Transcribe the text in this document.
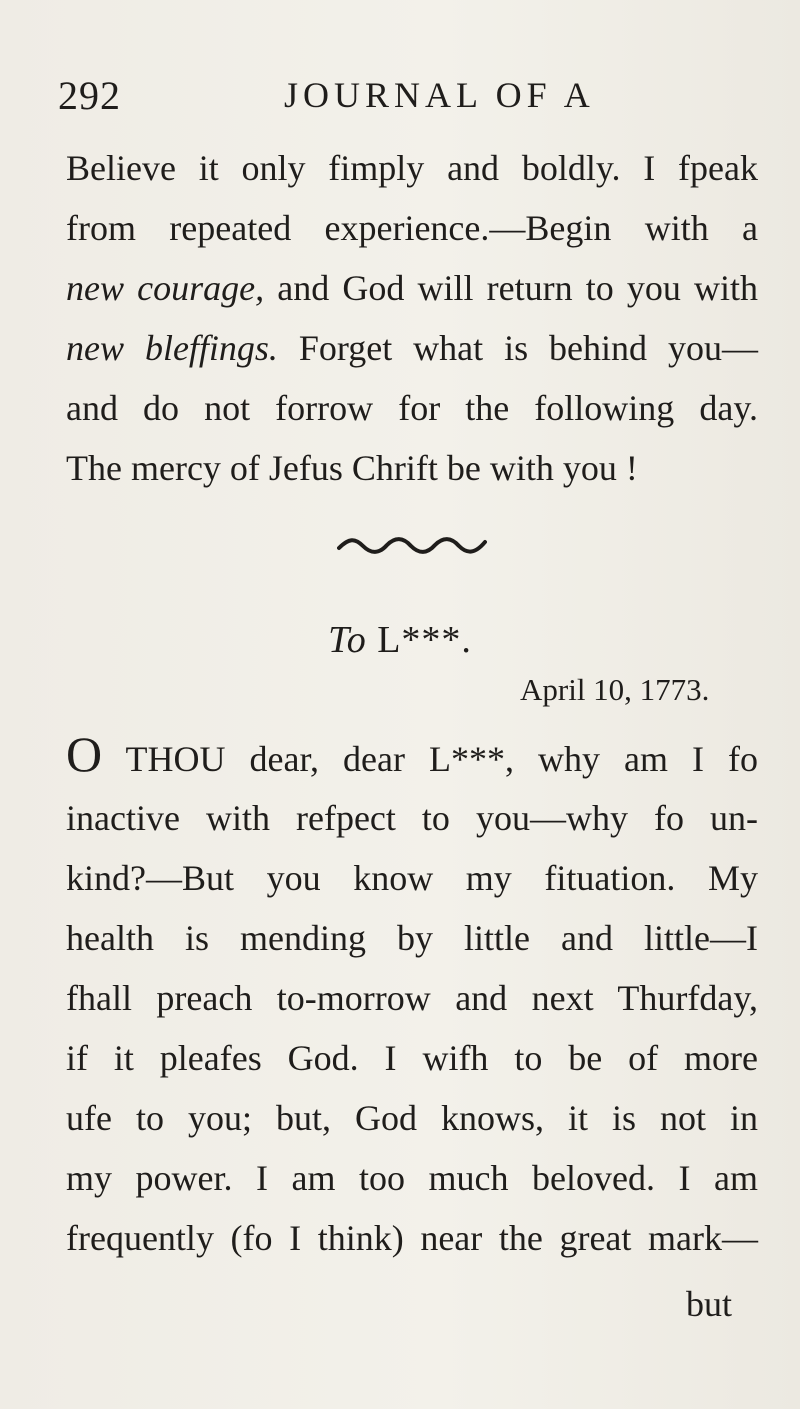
292	JOURNAL OF A
Believe it only fimply and boldly. I fpeak
from repeated experience.—Begin with a
new courage, and God will return to you with
new bleffings. Forget what is behind you—
and do not forrow for the following day.
The mercy of Jefus Chrift be with you !
To L***.
April 10, 1773.
O THOU dear, dear L***, why am I fo
inactive with refpect to you—why fo un-
kind?—But you know my fituation. My
health is mending by little and little—I
fhall preach to-morrow and next Thurfday,
if it pleafes God. I wifh to be of more
ufe to you; but, God knows, it is not in
my power. I am too much beloved. I am
frequently (fo I think) near the great mark—
but
